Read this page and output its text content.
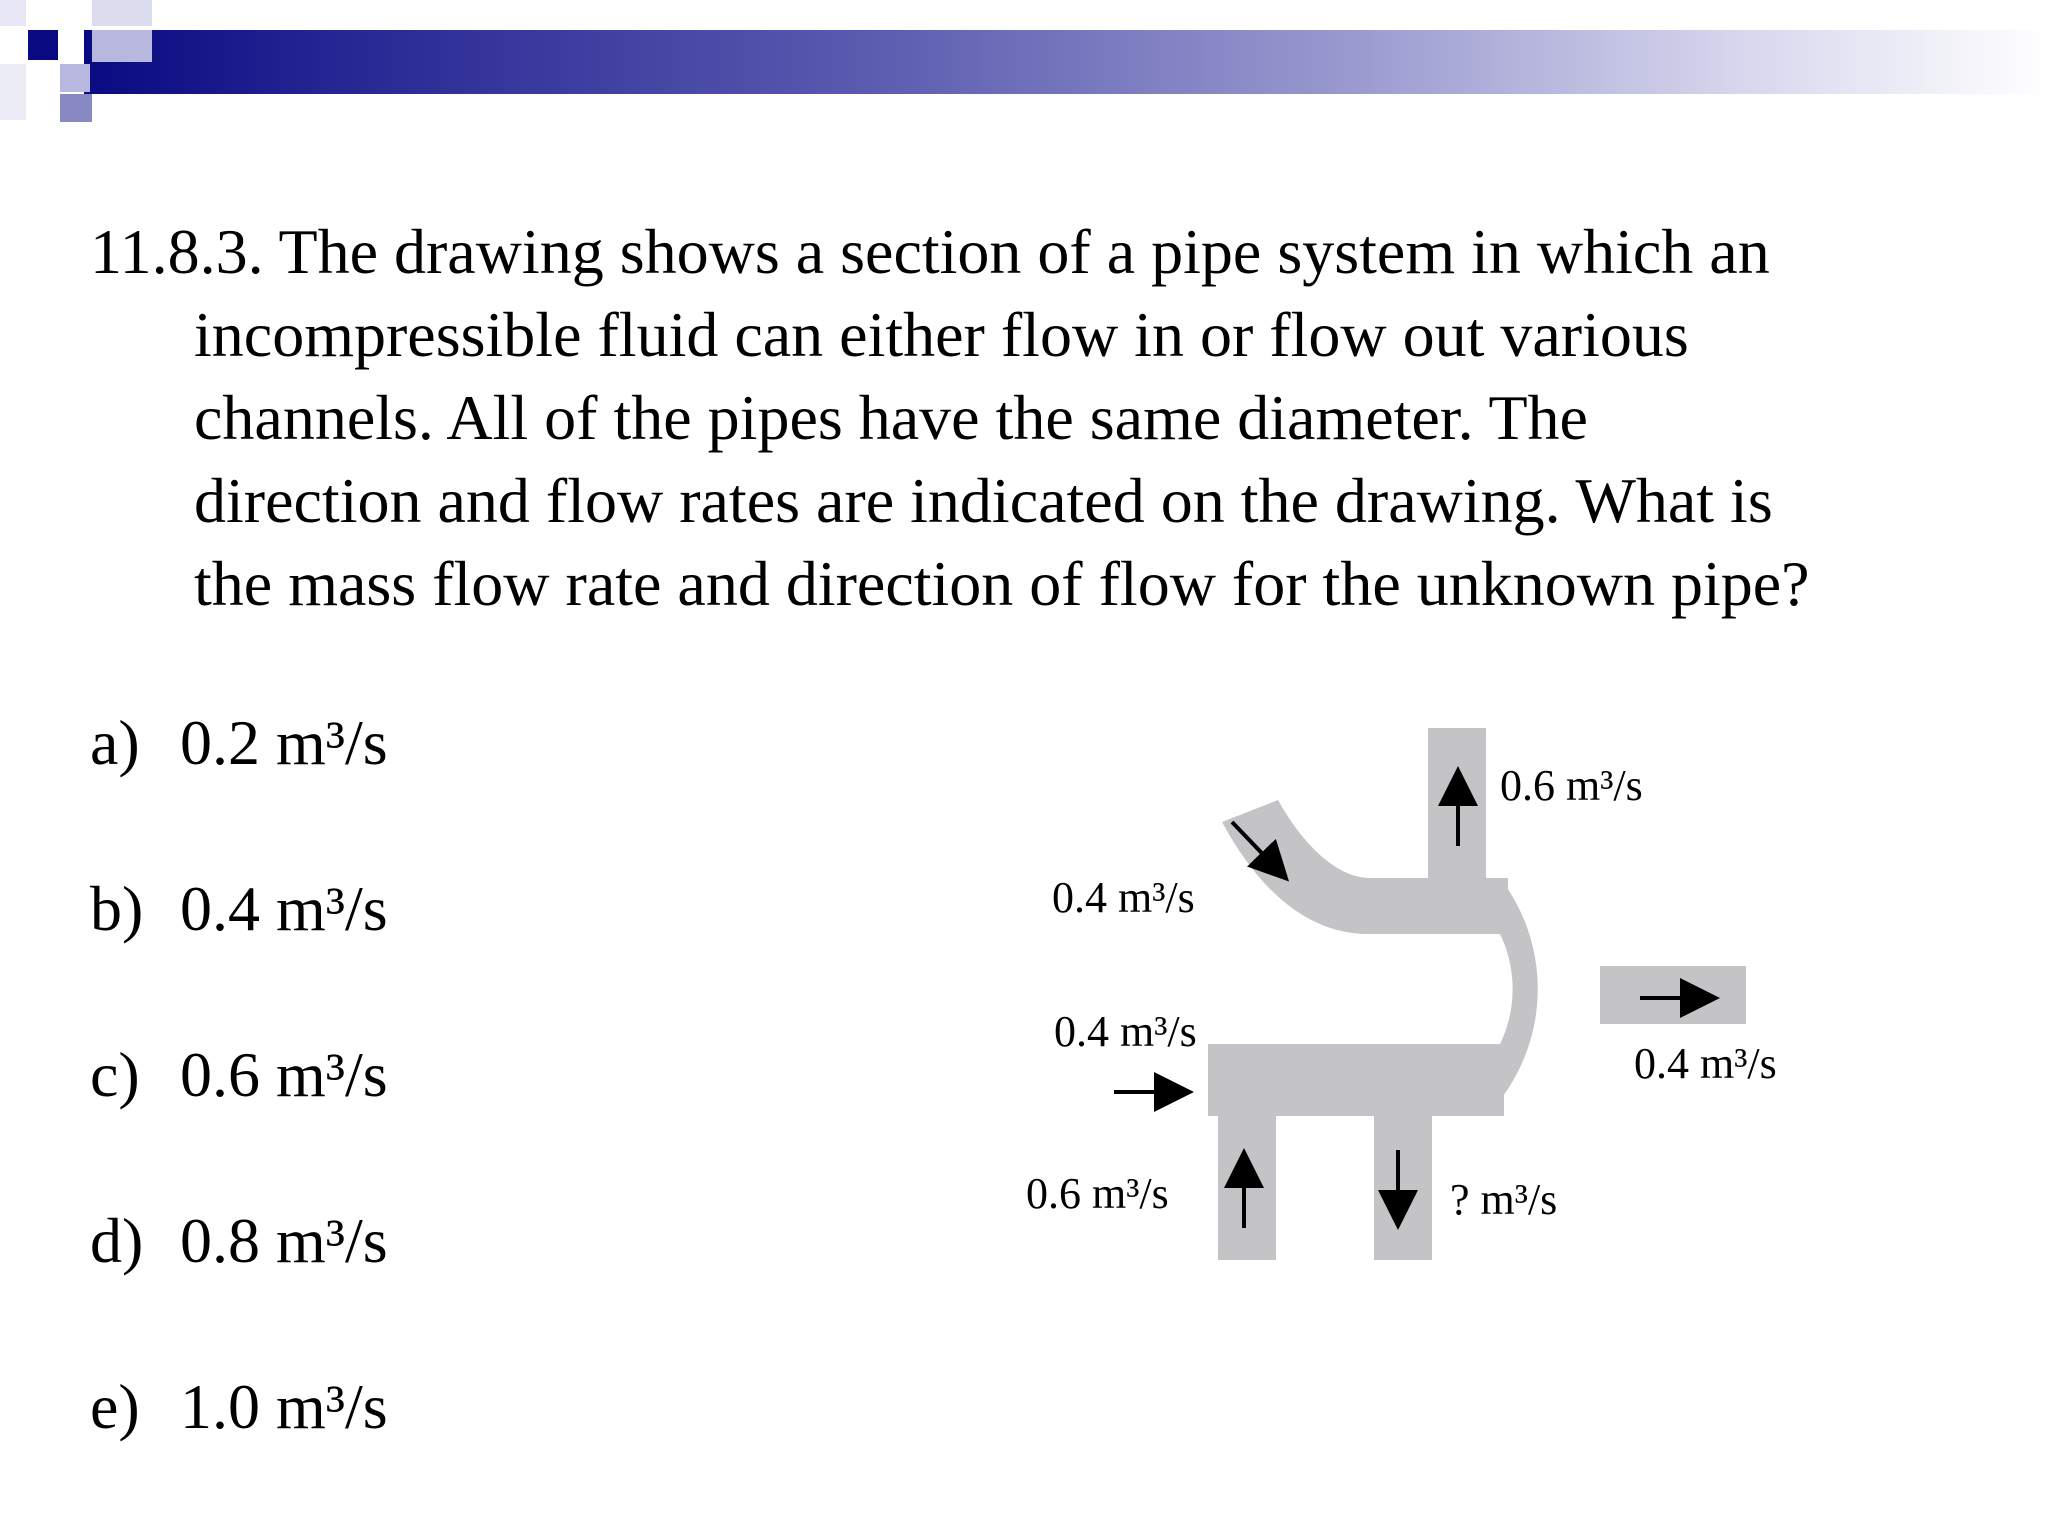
11.8.3. The drawing shows a section of a pipe system in which an
incompressible fluid can either flow in or flow out various
channels. All of the pipes have the same diameter. The
direction and flow rates are indicated on the drawing. What is
the mass flow rate and direction of flow for the unknown pipe?
a) 0.2 m³/s
b) 0.4 m³/s
c) 0.6 m³/s
d) 0.8 m³/s
e) 1.0 m³/s
0.6 m³/s
0.4 m³/s
0.4 m³/s
0.4 m³/s
0.6 m³/s	? m³/s
